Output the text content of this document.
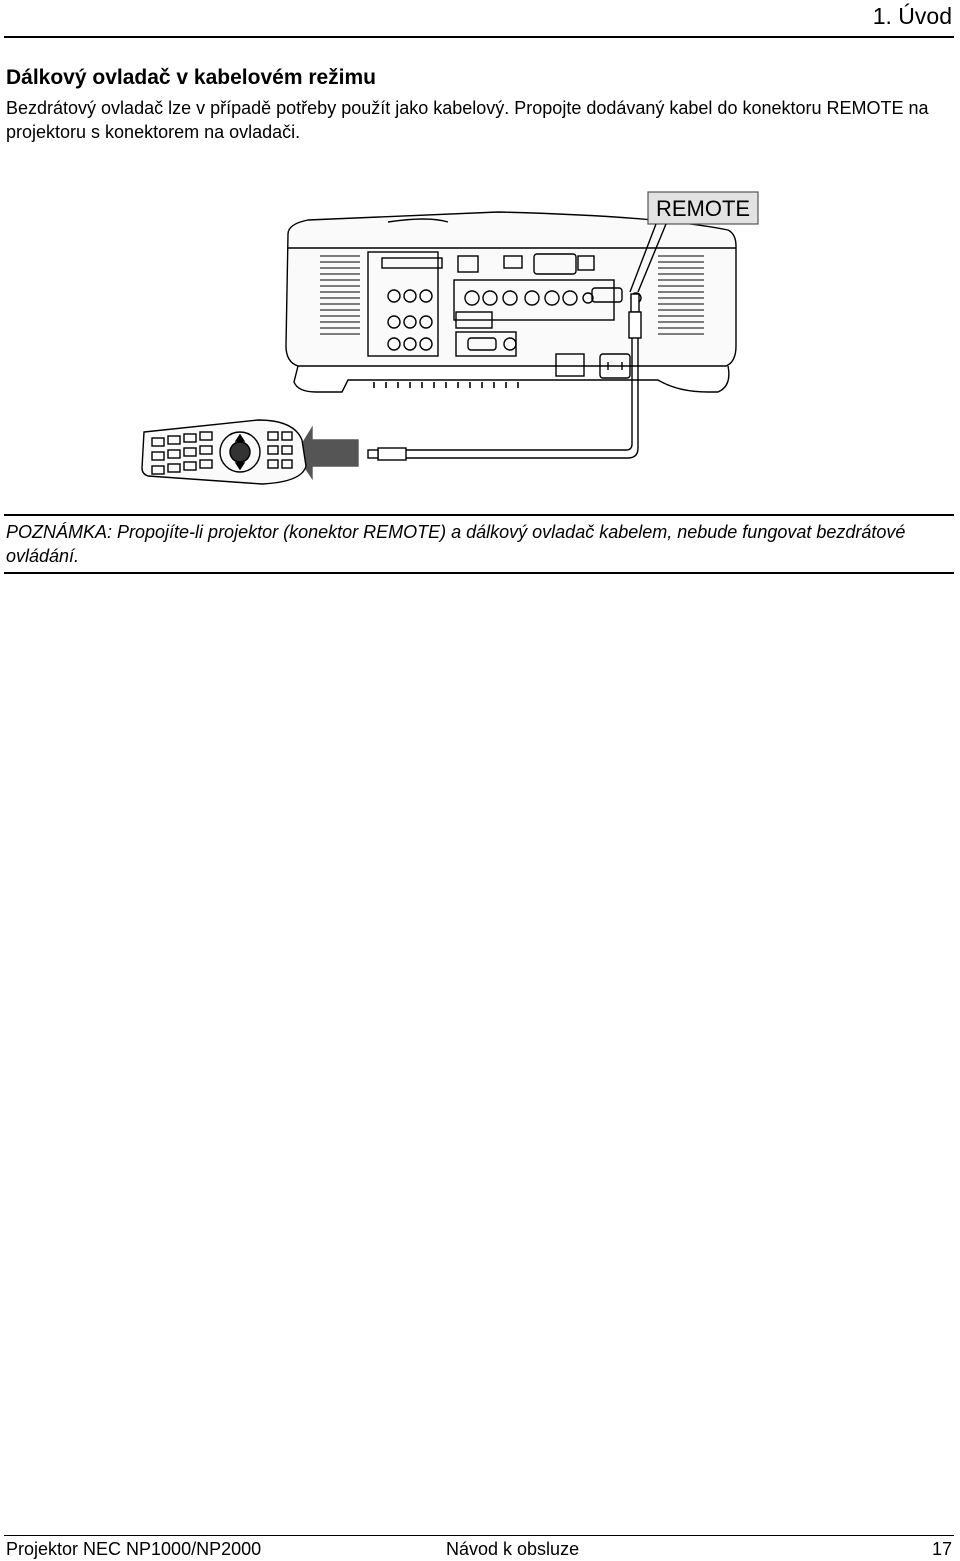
1. Úvod
Dálkový ovladač v kabelovém režimu

Bezdrátový ovladač lze v případě potřeby použít jako kabelový. Propojte dodávaný kabel do konektoru REMOTE na projektoru s konektorem na ovladači.

REMOTE

POZNÁMKA: Propojíte-li projektor (konektor REMOTE) a dálkový ovladač kabelem, nebude fungovat bezdrátové ovládání.

Projektor NEC NP1000/NP2000	Návod k obsluze	17
